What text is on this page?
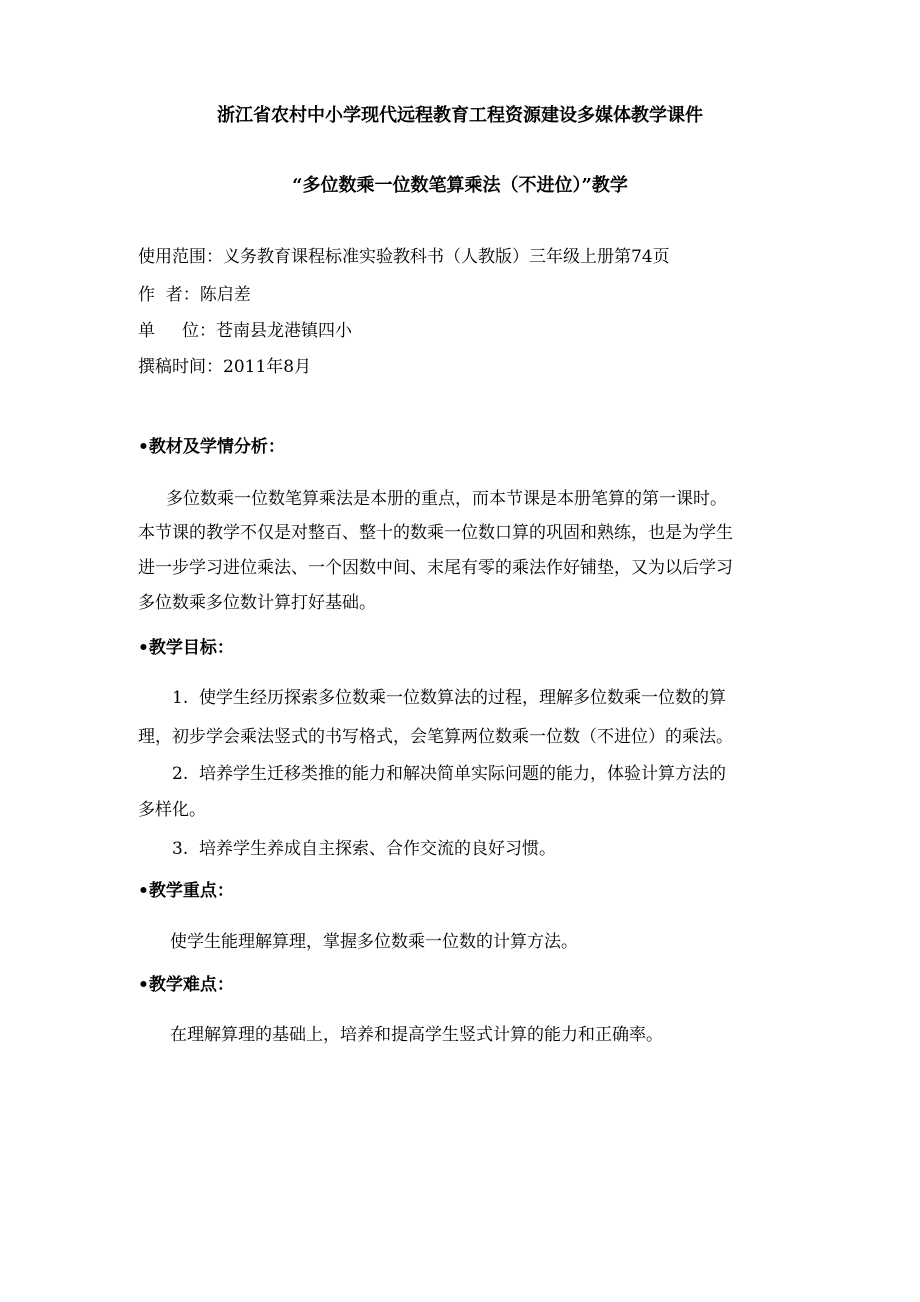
浙江省农村中小学现代远程教育工程资源建设多媒体教学课件
“多位数乘一位数笔算乘法（不进位）”教学
使用范围：义务教育课程标准实验教科书（人教版）三年级上册第74页
作  者：陈启差
单     位：苍南县龙港镇四小
撰稿时间：2011年8月
•教材及学情分析：
多位数乘一位数笔算乘法是本册的重点，而本节课是本册笔算的第一课时。
本节课的教学不仅是对整百、整十的数乘一位数口算的巩固和熟练，也是为学生
进一步学习进位乘法、一个因数中间、末尾有零的乘法作好铺垫，又为以后学习
多位数乘多位数计算打好基础。
•教学目标：
1.  使学生经历探索多位数乘一位数算法的过程，理解多位数乘一位数的算
理，初步学会乘法竖式的书写格式，会笔算两位数乘一位数（不进位）的乘法。
2.  培养学生迁移类推的能力和解决简单实际问题的能力，体验计算方法的
多样化。
3.  培养学生养成自主探索、合作交流的良好习惯。
•教学重点：
使学生能理解算理，掌握多位数乘一位数的计算方法。
•教学难点：
在理解算理的基础上，培养和提高学生竖式计算的能力和正确率。
